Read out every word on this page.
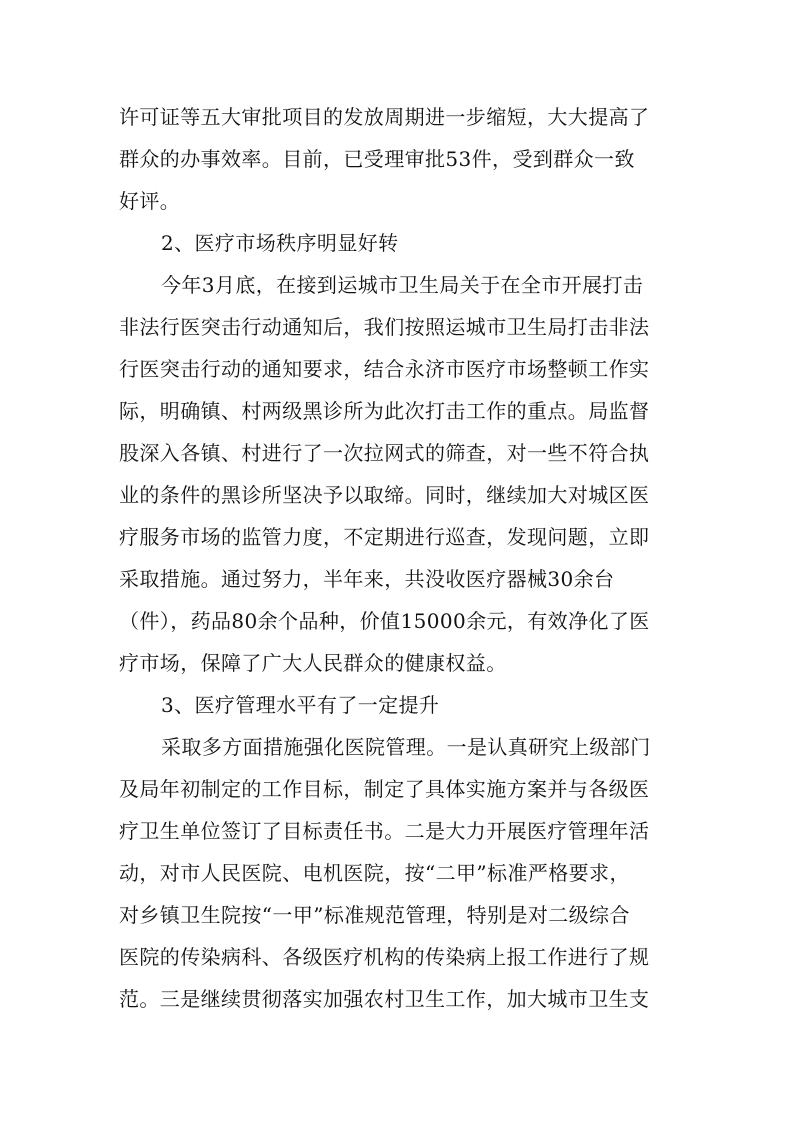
许可证等五大审批项目的发放周期进一步缩短，大大提高了
群众的办事效率。目前，已受理审批53件，受到群众一致
好评。
2、医疗市场秩序明显好转
今年3月底，在接到运城市卫生局关于在全市开展打击
非法行医突击行动通知后，我们按照运城市卫生局打击非法
行医突击行动的通知要求，结合永济市医疗市场整顿工作实
际，明确镇、村两级黑诊所为此次打击工作的重点。局监督
股深入各镇、村进行了一次拉网式的筛查，对一些不符合执
业的条件的黑诊所坚决予以取缔。同时，继续加大对城区医
疗服务市场的监管力度，不定期进行巡查，发现问题，立即
采取措施。通过努力，半年来，共没收医疗器械30余台
（件），药品80余个品种，价值15000余元，有效净化了医
疗市场，保障了广大人民群众的健康权益。
3、医疗管理水平有了一定提升
采取多方面措施强化医院管理。一是认真研究上级部门
及局年初制定的工作目标，制定了具体实施方案并与各级医
疗卫生单位签订了目标责任书。二是大力开展医疗管理年活
动，对市人民医院、电机医院，按“二甲”标准严格要求，
对乡镇卫生院按“一甲”标准规范管理，特别是对二级综合
医院的传染病科、各级医疗机构的传染病上报工作进行了规
范。三是继续贯彻落实加强农村卫生工作，加大城市卫生支
